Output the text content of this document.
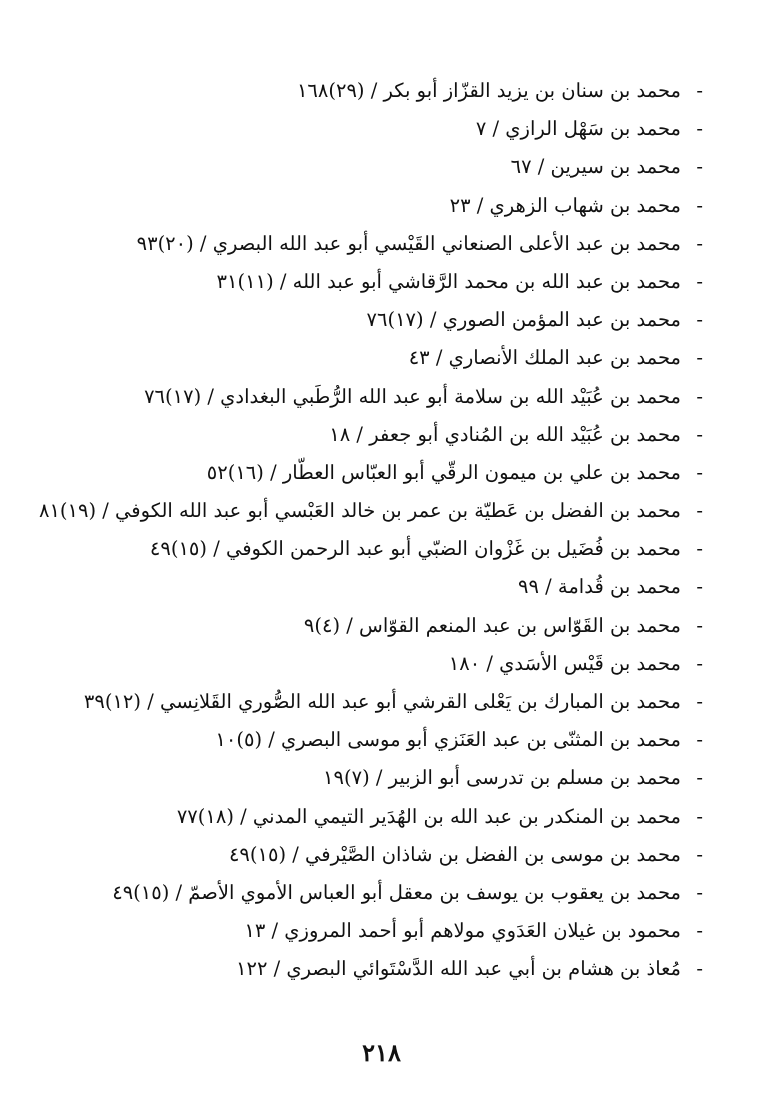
-محمد بن سنان بن يزيد القزّاز أبو بكر / (٢٩)١٦٨
-محمد بن سَهْل الرازي / ٧
-محمد بن سيرين / ٦٧
-محمد بن شهاب الزهري / ٢٣
-محمد بن عبد الأعلى الصنعاني القَيْسي أبو عبد الله البصري / (٢٠)٩٣
-محمد بن عبد الله بن محمد الرَّقاشي أبو عبد الله / (١١)٣١
-محمد بن عبد المؤمن الصوري / (١٧)٧٦
-محمد بن عبد الملك الأنصاري / ٤٣
-محمد بن عُبَيْد الله بن سلامة أبو عبد الله الرُّطَبي البغدادي / (١٧)٧٦
-محمد بن عُبَيْد الله بن المُنادي أبو جعفر / ١٨
-محمد بن علي بن ميمون الرقّي أبو العبّاس العطّار / (١٦)٥٢
-محمد بن الفضل بن عَطيّة بن عمر بن خالد العَبْسي أبو عبد الله الكوفي / (١٩)٨١
-محمد بن فُضَيل بن غَزْوان الضبّي أبو عبد الرحمن الكوفي / (١٥)٤٩
-محمد بن قُدامة / ٩٩
-محمد بن القَوّاس بن عبد المنعم القوّاس / (٤)٩
-محمد بن قَيْس الأسَدي / ١٨٠
-محمد بن المبارك بن يَعْلى القرشي أبو عبد الله الصُّوري القَلانِسي / (١٢)٣٩
-محمد بن المثنّى بن عبد العَنَزي أبو موسى البصري / (٥)١٠
-محمد بن مسلم بن تدرسى أبو الزبير / (٧)١٩
-محمد بن المنكدر بن عبد الله بن الهُدَير التيمي المدني / (١٨)٧٧
-محمد بن موسى بن الفضل بن شاذان الصَّيْرفي / (١٥)٤٩
-محمد بن يعقوب بن يوسف بن معقل أبو العباس الأموي الأصمّ / (١٥)٤٩
-محمود بن غيلان العَدَوي مولاهم أبو أحمد المروزي / ١٣
-مُعاذ بن هشام بن أبي عبد الله الدَّسْتَوائي البصري / ١٢٢
٢١٨
